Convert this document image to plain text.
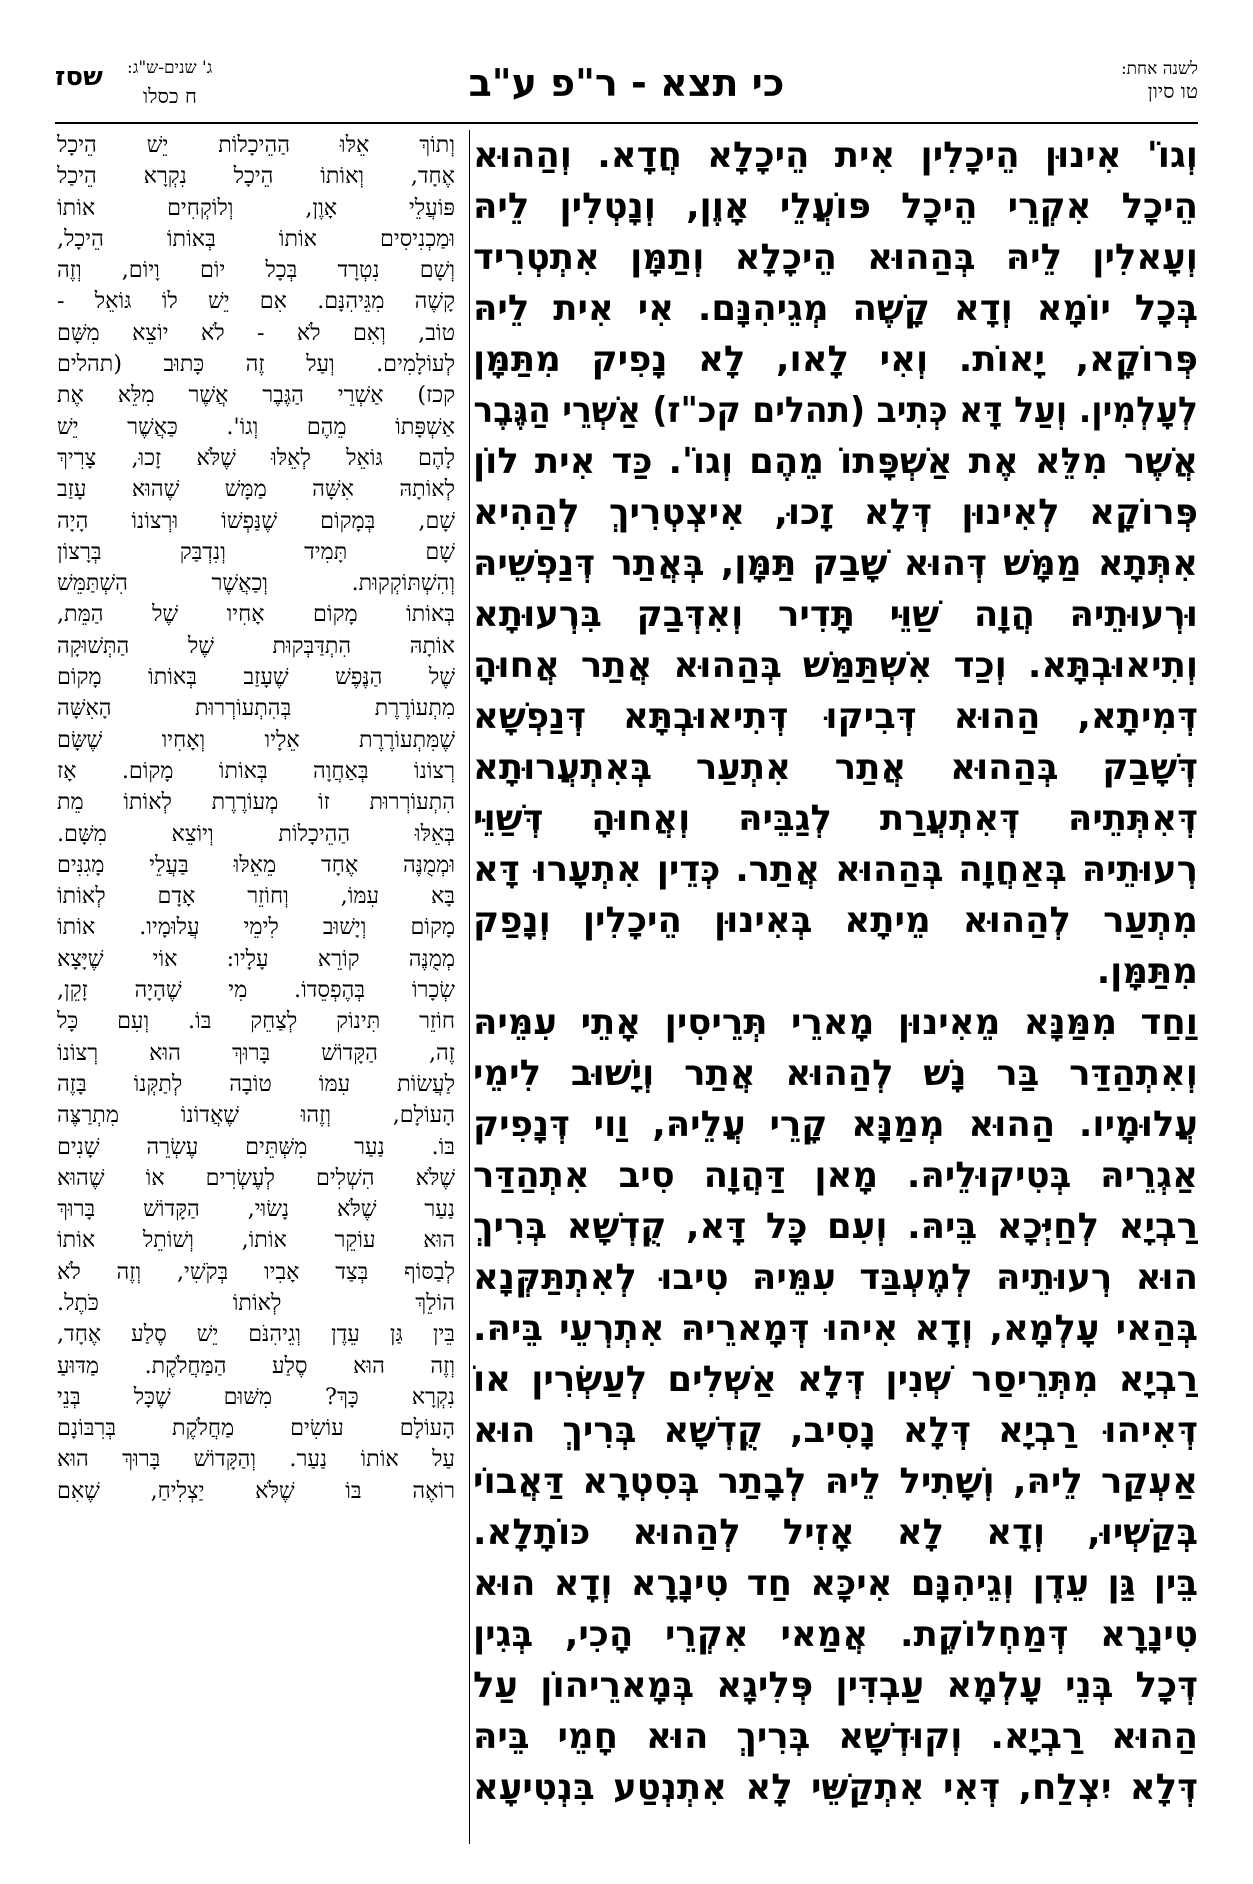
לשנה אחת:
טו סיון
כי תצא - ר"פ ע"ב
ג' שנים-ש"ג:
ח כסלו
שסז
וְגוֹ' אִינוּן הֵיכָלִין אִית הֵיכָלָא חֲדָא. וְהַהוּא
הֵיכָל אִקְרֵי הֵיכָל פּוֹעֲלֵי אָוֶן, וְנָטְלִין לֵיהּ
וְעָאלִין לֵיהּ בְּהַהוּא הֵיכָלָא וְתַמָּן אִתְטְרִיד
בְּכָל יוֹמָא וְדָא קָשֶׁה מְגֵיהִנָּם. אִי אִית לֵיהּ
פְּרוֹקָא, יָאוֹת. וְאִי לָאו, לָא נָפִיק מִתַּמָּן
לְעָלְמִין. וְעַל דָּא כְּתִיב (תהלים קכ"ז) אַשְׁרֵי הַגֶּבֶר
אֲשֶׁר מִלֵּא אֶת אַשְׁפָּתוֹ מֵהֶם וְגוֹ'. כַּד אִית לוֹן
פְּרוֹקָא לְאִינוּן דְּלָא זָכוּ, אִיצְטְרִיךְ לְהַהִיא
אִתְּתָא מַמָּשׁ דְּהוּא שָׁבַק תַּמָּן, בְּאֲתַר דְּנַפְשֵׁיהּ
וּרְעוּתֵיהּ הֲוָה שַׁוֵּי תָּדִיר וְאִדְּבַק בִּרְעוּתָא
וְתִיאוּבְתָּא. וְכַד אִשְׁתַּמַּשׁ בְּהַהוּא אֲתַר אֲחוּהָ
דְּמִיתָא, הַהוּא דְּבִיקוּ דְּתִיאוּבְתָּא דְּנַפְשָׁא
דְּשָׁבַק בְּהַהוּא אֲתַר אִתְעַר בְּאִתְעֲרוּתָא
דְּאִתְּתֵיהּ דְּאִתְעֲרַת לְגַבֵּיהּ וְאֲחוּהָ דְּשַׁוֵּי
רְעוּתֵיהּ בְּאַחֲוָה בְּהַהוּא אֲתַר. כְּדֵין אִתְעָרוּ דָּא
מִתְעַר לְהַהוּא מֵיתָא בְּאִינוּן הֵיכָלִין וְנָפַק
מִתַּמָּן.
וַחַד מִמַּנָּא מֵאִינוּן מָארֵי תְּרֵיסִין אָתֵי עִמֵּיהּ
וְאִתְהַדַּר בַּר נָשׁ לְהַהוּא אֲתַר וְיָשׁוּב לִימֵי
עֲלוּמָיו. הַהוּא מְמַנָּא קָרֵי עֲלֵיהּ, וַוי דְּנָפִיק
אַגְרֵיהּ בְּטִיקוּלֵיהּ. מָאן דַּהֲוָה סִיב אִתְהַדַּר
רַבְיָא לְחַיְּכָא בֵּיהּ. וְעִם כָּל דָּא, קֻדְשָׁא בְּרִיךְ
הוּא רְעוּתֵיהּ לְמֶעְבַּד עִמֵּיהּ טִיבוּ לְאִתְתַּקְּנָא
בְּהַאי עָלְמָא, וְדָא אִיהוּ דְּמָארֵיהּ אִתְרְעֵי בֵּיהּ.
רַבְיָא מִתְּרֵיסַר שְׁנִין דְּלָא אַשְׁלִים לְעַשְׂרִין אוֹ
דְּאִיהוּ רַבְיָא דְּלָא נָסִיב, קֻדְשָׁא בְּרִיךְ הוּא
אַעְקַר לֵיהּ, וְשָׁתִיל לֵיהּ לְבָתַר בְּסִטְרָא דַּאֲבוֹי
בְּקַשְׁיוּ, וְדָא לָא אָזִיל לְהַהוּא כּוֹתָלָא.
בֵּין גַּן עֵדֶן וְגֵיהִנָּם אִיכָּא חַד טִינָרָא וְדָא הוּא
טִינָרָא דְּמַחְלוֹקֶת. אֲמַאי אִקְרֵי הָכִי, בְּגִין
דְּכָל בְּנֵי עָלְמָא עַבְדִּין פְּלִיגָא בְּמָארֵיהוֹן עַל
הַהוּא רַבְיָא. וְקוּדְשָׁא בְּרִיךְ הוּא חָמֵי בֵּיהּ
דְּלָא יִצְלַח, דְּאִי אִתְקַשֵּׁי לָא אִתְנְטַע בִּנְטִיעָא
וְתוֹךְ אֵלּוּ הַהֵיכָלוֹת יֵשׁ הֵיכָל
אֶחָד, וְאוֹתוֹ הֵיכָל נִקְרָא הֵיכַל
פּוֹעֲלֵי אָוֶן, וְלוֹקְחִים אוֹתוֹ
וּמַכְנִיסִים אוֹתוֹ בְּאוֹתוֹ הֵיכָל,
וְשָׁם נִטְרָד בְּכָל יוֹם וָיוֹם, וְזֶה
קָשֶׁה מִגֵּיהִנָּם. אִם יֵשׁ לוֹ גּוֹאֵל -
טוֹב, וְאִם לֹא - לֹא יוֹצֵא מִשָּׁם
לְעוֹלָמִים. וְעַל זֶה כָּתוּב (תהלים
קכז) אַשְׁרֵי הַגֶּבֶר אֲשֶׁר מִלֵּא אֶת
אַשְׁפָּתוֹ מֵהֶם וְגוֹ'. כַּאֲשֶׁר יֵשׁ
לָהֶם גּוֹאֵל לְאֵלּוּ שֶׁלֹּא זָכוּ, צָרִיךְ
לְאוֹתָהּ אִשָּׁה מַמָּשׁ שֶׁהוּא עָזַב
שָׁם, בְּמָקוֹם שֶׁנַּפְשׁוֹ וּרְצוֹנוֹ הָיָה
שָׁם תָּמִיד וְנִדְבַּק בְּרָצוֹן
וְהִשְׁתּוֹקְקוּת. וְכַאֲשֶׁר הִשְׁתַּמֵּשׁ
בְּאוֹתוֹ מָקוֹם אָחִיו שֶׁל הַמֵּת,
אוֹתָהּ הִתְדַּבְּקוּת שֶׁל הַתְּשׁוּקָה
שֶׁל הַנֶּפֶשׁ שֶׁעָזַב בְּאוֹתוֹ מָקוֹם
מִתְעוֹרֶרֶת בְּהִתְעוֹרְרוּת הָאִשָּׁה
שֶׁמִּתְעוֹרֶרֶת אֵלָיו וְאָחִיו שֶׁשָּׂם
רְצוֹנוֹ בְּאַחֲוָה בְּאוֹתוֹ מָקוֹם. אָז
הִתְעוֹרְרוּת זוֹ מְעוֹרֶרֶת לְאוֹתוֹ מֵת
בְּאֵלּוּ הַהֵיכָלוֹת וְיוֹצֵא מִשָּׁם.
וּמְמֻנֶּה אֶחָד מֵאֵלּוּ בַּעֲלֵי מָגִנִּים
בָּא עִמּוֹ, וְחוֹזֵר אָדָם לְאוֹתוֹ
מָקוֹם וְיָשׁוּב לִימֵי עֲלוּמָיו. אוֹתוֹ
מְמֻנֶּה קוֹרֵא עָלָיו: אוֹי שֶׁיָּצָא
שְׂכָרוֹ בְּהֶפְסֵדוֹ. מִי שֶׁהָיָה זָקֵן,
חוֹזֵר תִּינוֹק לְצַחֵק בּוֹ. וְעִם כָּל
זֶה, הַקָּדוֹשׁ בָּרוּךְ הוּא רְצוֹנוֹ
לַעֲשׂוֹת עִמּוֹ טוֹבָה לְתַקְּנוֹ בָּזֶה
הָעוֹלָם, וְזֶהוּ שֶׁאֲדוֹנוֹ מִתְרַצֶּה
בּוֹ. נַעַר מִשְּׁתֵּים עֶשְׂרֵה שָׁנִים
שֶׁלֹּא הִשְׁלִים לְעֶשְׂרִים אוֹ שֶׁהוּא
נַעַר שֶׁלֹּא נָשׂוּי, הַקָּדוֹשׁ בָּרוּךְ
הוּא עוֹקֵר אוֹתוֹ, וְשׁוֹתֵל אוֹתוֹ
לְבַסּוֹף בְּצַד אָבִיו בְּקֹשִׁי, וְזֶה לֹא
הוֹלֵךְ לְאוֹתוֹ כֹּתֶל.
בֵּין גַּן עֵדֶן וְגֵיהִנֹּם יֵשׁ סֶלַע אֶחָד,
וְזֶה הוּא סֶלַע הַמַּחֲלֹקֶת. מַדּוּעַ
נִקְרָא כָּךְ? מִשּׁוּם שֶׁכָּל בְּנֵי
הָעוֹלָם עוֹשִׂים מַחֲלֹקֶת בְּרִבּוֹנָם
עַל אוֹתוֹ נַעַר. וְהַקָּדוֹשׁ בָּרוּךְ הוּא
רוֹאֶה בּוֹ שֶׁלֹּא יַצְלִיחַ, שֶׁאִם
